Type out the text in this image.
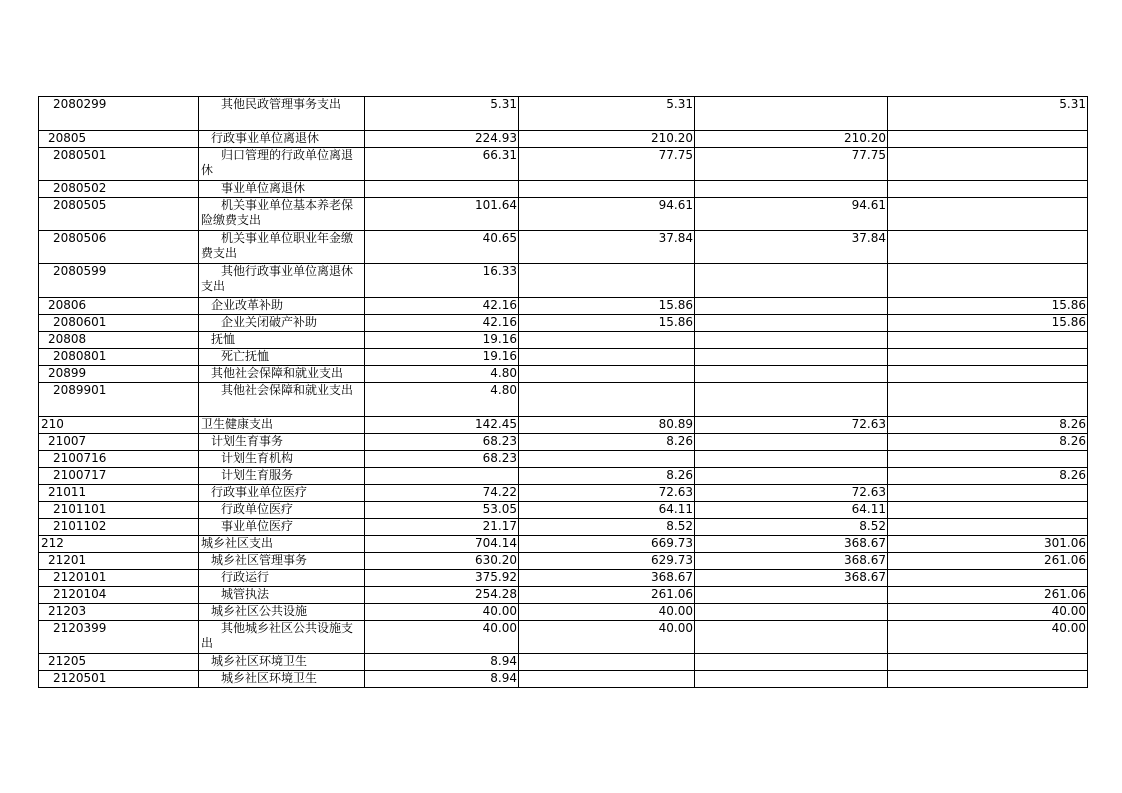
2080299	其他民政管理事务支出	5.31	5.31		5.31
20805	行政事业单位离退休	224.93	210.20	210.20	
2080501	归口管理的行政单位离退休	66.31	77.75	77.75	
2080502	事业单位离退休				
2080505	机关事业单位基本养老保险缴费支出	101.64	94.61	94.61	
2080506	机关事业单位职业年金缴费支出	40.65	37.84	37.84	
2080599	其他行政事业单位离退休支出	16.33			
20806	企业改革补助	42.16	15.86		15.86
2080601	企业关闭破产补助	42.16	15.86		15.86
20808	抚恤	19.16			
2080801	死亡抚恤	19.16			
20899	其他社会保障和就业支出	4.80			
2089901	其他社会保障和就业支出	4.80			
210	卫生健康支出	142.45	80.89	72.63	8.26
21007	计划生育事务	68.23	8.26		8.26
2100716	计划生育机构	68.23			
2100717	计划生育服务		8.26		8.26
21011	行政事业单位医疗	74.22	72.63	72.63	
2101101	行政单位医疗	53.05	64.11	64.11	
2101102	事业单位医疗	21.17	8.52	8.52	
212	城乡社区支出	704.14	669.73	368.67	301.06
21201	城乡社区管理事务	630.20	629.73	368.67	261.06
2120101	行政运行	375.92	368.67	368.67	
2120104	城管执法	254.28	261.06		261.06
21203	城乡社区公共设施	40.00	40.00		40.00
2120399	其他城乡社区公共设施支出	40.00	40.00		40.00
21205	城乡社区环境卫生	8.94			
2120501	城乡社区环境卫生	8.94			
